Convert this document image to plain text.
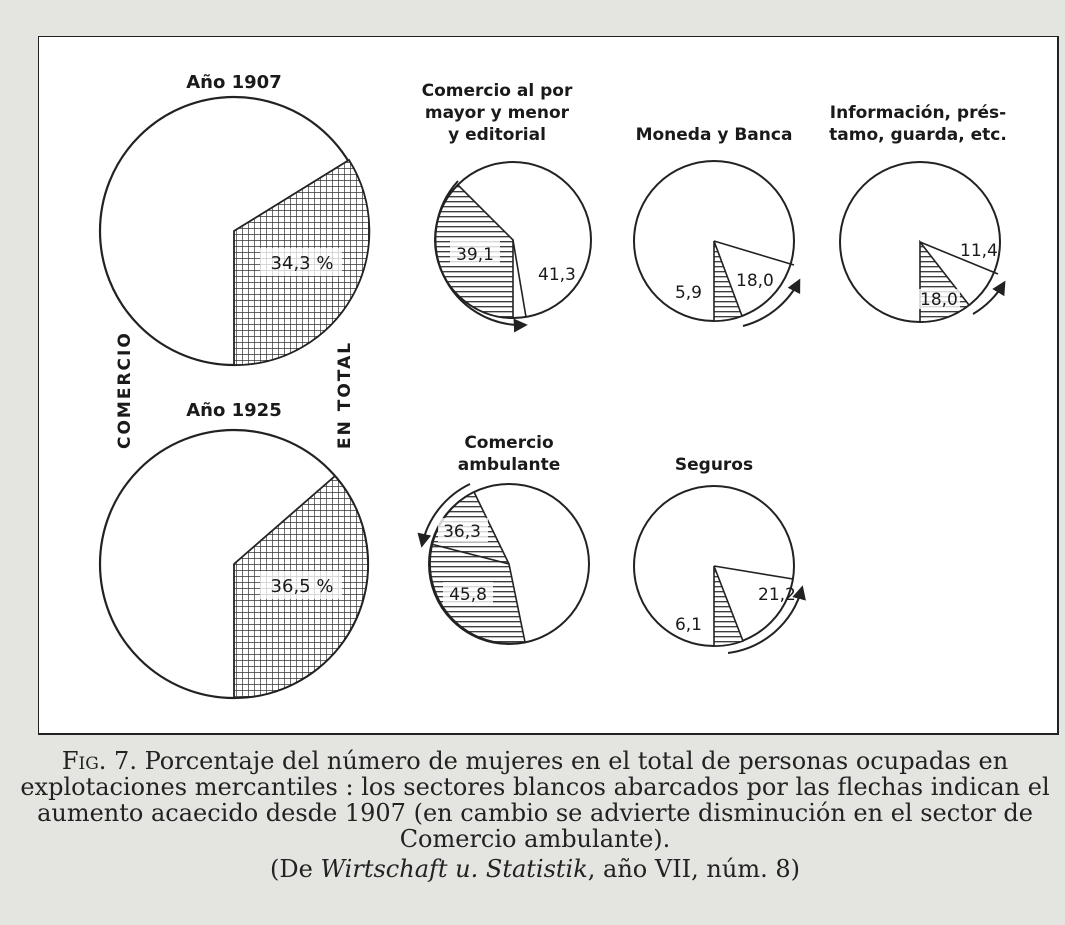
COMERCIO	EN TOTAL
Año 1907
Año 1925
Comercio al por
mayor y menor
y editorial	Moneda y Banca
Información, prés-
tamo, guarda, etc.
Comercio
ambulante	Seguros
34,3 %
36,5 %
39,1
41,3
5,9
18,0
11,4
18,0
36,3
45,8
6,1
21,2
Fig. 7. Porcentaje del número de mujeres en el total de personas ocupadas en explotaciones mercantiles : los sectores blancos abarcados por las flechas indican el aumento acaecido desde 1907 (en cambio se advierte disminución en el sector de Comercio ambulante).
(De Wirtschaft u. Statistik, año VII, núm. 8)
